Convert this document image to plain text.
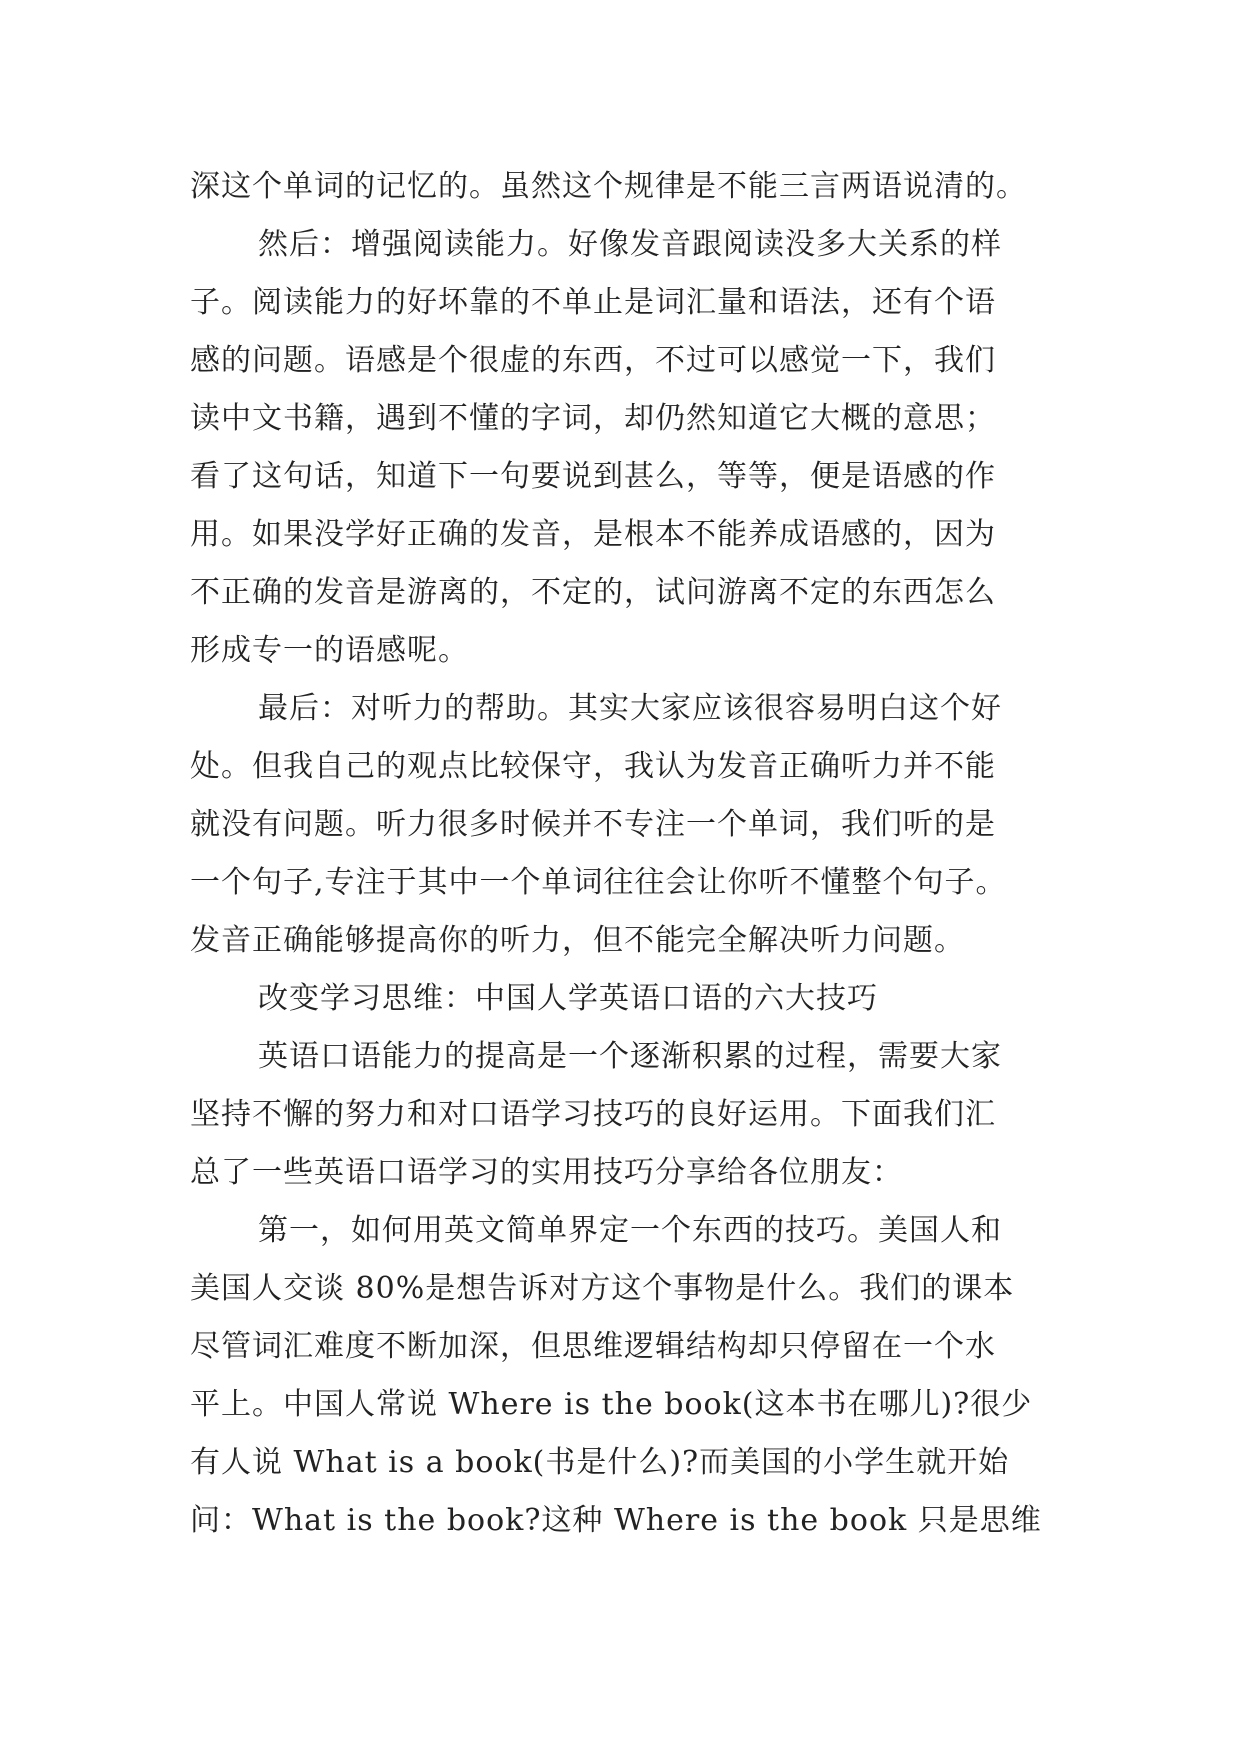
深这个单词的记忆的。虽然这个规律是不能三言两语说清的。
然后：增强阅读能力。好像发音跟阅读没多大关系的样
子。阅读能力的好坏靠的不单止是词汇量和语法，还有个语
感的问题。语感是个很虚的东西，不过可以感觉一下，我们
读中文书籍，遇到不懂的字词，却仍然知道它大概的意思；
看了这句话，知道下一句要说到甚么，等等，便是语感的作
用。如果没学好正确的发音，是根本不能养成语感的，因为
不正确的发音是游离的，不定的，试问游离不定的东西怎么
形成专一的语感呢。
最后：对听力的帮助。其实大家应该很容易明白这个好
处。但我自己的观点比较保守，我认为发音正确听力并不能
就没有问题。听力很多时候并不专注一个单词，我们听的是
一个句子,专注于其中一个单词往往会让你听不懂整个句子。
发音正确能够提高你的听力，但不能完全解决听力问题。
改变学习思维：中国人学英语口语的六大技巧
英语口语能力的提高是一个逐渐积累的过程，需要大家
坚持不懈的努力和对口语学习技巧的良好运用。下面我们汇
总了一些英语口语学习的实用技巧分享给各位朋友：
第一，如何用英文简单界定一个东西的技巧。美国人和
美国人交谈 80%是想告诉对方这个事物是什么。我们的课本
尽管词汇难度不断加深，但思维逻辑结构却只停留在一个水
平上。中国人常说 Where is the book(这本书在哪儿)?很少
有人说 What is a book(书是什么)?而美国的小学生就开始
问：What is the book?这种 Where is the book 只是思维
